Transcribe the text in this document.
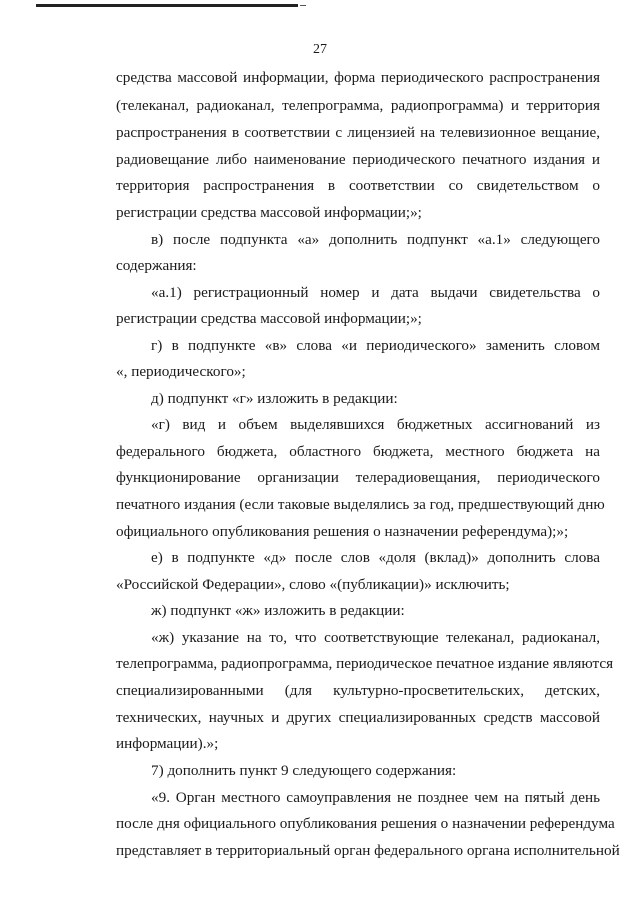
27
средства массовой информации, форма периодического распространения
(телеканал, радиоканал, телепрограмма, радиопрограмма) и территория
распространения в соответствии с лицензией на телевизионное вещание,
радиовещание либо наименование периодического печатного издания и
территория распространения в соответствии со свидетельством о
регистрации средства массовой информации;»;
в) после подпункта «а» дополнить подпункт «а.1» следующего
содержания:
«а.1) регистрационный номер и дата выдачи свидетельства о
регистрации средства массовой информации;»;
г) в подпункте «в» слова «и периодического» заменить словом
«, периодического»;
д) подпункт «г» изложить в редакции:
«г) вид и объем выделявшихся бюджетных ассигнований из
федерального бюджета, областного бюджета, местного бюджета на
функционирование организации телерадиовещания, периодического
печатного издания (если таковые выделялись за год, предшествующий дню
официального опубликования решения о назначении референдума);»;
е) в подпункте «д» после слов «доля (вклад)» дополнить слова
«Российской Федерации», слово «(публикации)» исключить;
ж) подпункт «ж» изложить в редакции:
«ж) указание на то, что соответствующие телеканал, радиоканал,
телепрограмма, радиопрограмма, периодическое печатное издание являются
специализированными (для культурно-просветительских, детских,
технических, научных и других специализированных средств массовой
информации).»;
7) дополнить пункт 9 следующего содержания:
«9. Орган местного самоуправления не позднее чем на пятый день
после дня официального опубликования решения о назначении референдума
представляет в территориальный орган федерального органа исполнительной
